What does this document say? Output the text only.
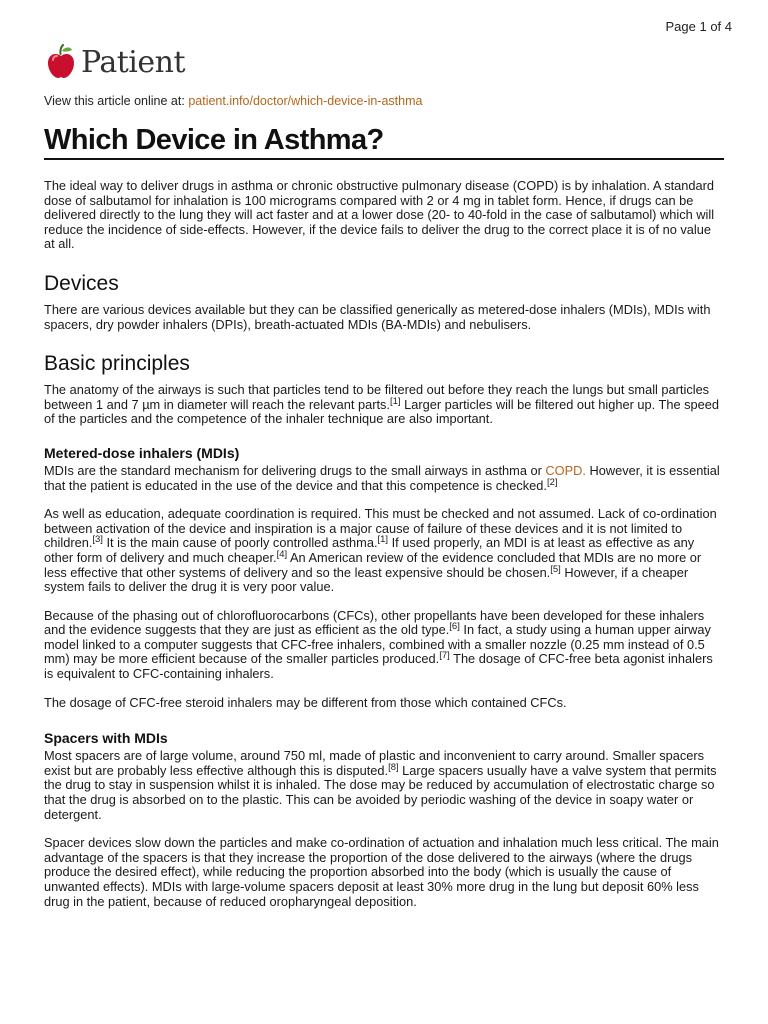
Page 1 of 4
Patient
View this article online at: patient.info/doctor/which-device-in-asthma
Which Device in Asthma?

The ideal way to deliver drugs in asthma or chronic obstructive pulmonary disease (COPD) is by inhalation. A standard dose of salbutamol for inhalation is 100 micrograms compared with 2 or 4 mg in tablet form. Hence, if drugs can be delivered directly to the lung they will act faster and at a lower dose (20- to 40-fold in the case of salbutamol) which will reduce the incidence of side-effects. However, if the device fails to deliver the drug to the correct place it is of no value at all.

Devices

There are various devices available but they can be classified generically as metered-dose inhalers (MDIs), MDIs with spacers, dry powder inhalers (DPIs), breath-actuated MDIs (BA-MDIs) and nebulisers.

Basic principles

The anatomy of the airways is such that particles tend to be filtered out before they reach the lungs but small particles between 1 and 7 µm in diameter will reach the relevant parts.[1] Larger particles will be filtered out higher up. The speed of the particles and the competence of the inhaler technique are also important.

Metered-dose inhalers (MDIs)

MDIs are the standard mechanism for delivering drugs to the small airways in asthma or COPD. However, it is essential that the patient is educated in the use of the device and that this competence is checked.[2]

As well as education, adequate coordination is required. This must be checked and not assumed. Lack of co-ordination between activation of the device and inspiration is a major cause of failure of these devices and it is not limited to children.[3] It is the main cause of poorly controlled asthma.[1] If used properly, an MDI is at least as effective as any other form of delivery and much cheaper.[4] An American review of the evidence concluded that MDIs are no more or less effective that other systems of delivery and so the least expensive should be chosen.[5] However, if a cheaper system fails to deliver the drug it is very poor value.

Because of the phasing out of chlorofluorocarbons (CFCs), other propellants have been developed for these inhalers and the evidence suggests that they are just as efficient as the old type.[6] In fact, a study using a human upper airway model linked to a computer suggests that CFC-free inhalers, combined with a smaller nozzle (0.25 mm instead of 0.5 mm) may be more efficient because of the smaller particles produced.[7] The dosage of CFC-free beta agonist inhalers is equivalent to CFC-containing inhalers.

The dosage of CFC-free steroid inhalers may be different from those which contained CFCs.

Spacers with MDIs

Most spacers are of large volume, around 750 ml, made of plastic and inconvenient to carry around. Smaller spacers exist but are probably less effective although this is disputed.[8] Large spacers usually have a valve system that permits the drug to stay in suspension whilst it is inhaled. The dose may be reduced by accumulation of electrostatic charge so that the drug is absorbed on to the plastic. This can be avoided by periodic washing of the device in soapy water or detergent.

Spacer devices slow down the particles and make co-ordination of actuation and inhalation much less critical. The main advantage of the spacers is that they increase the proportion of the dose delivered to the airways (where the drugs produce the desired effect), while reducing the proportion absorbed into the body (which is usually the cause of unwanted effects). MDIs with large-volume spacers deposit at least 30% more drug in the lung but deposit 60% less drug in the patient, because of reduced oropharyngeal deposition.
